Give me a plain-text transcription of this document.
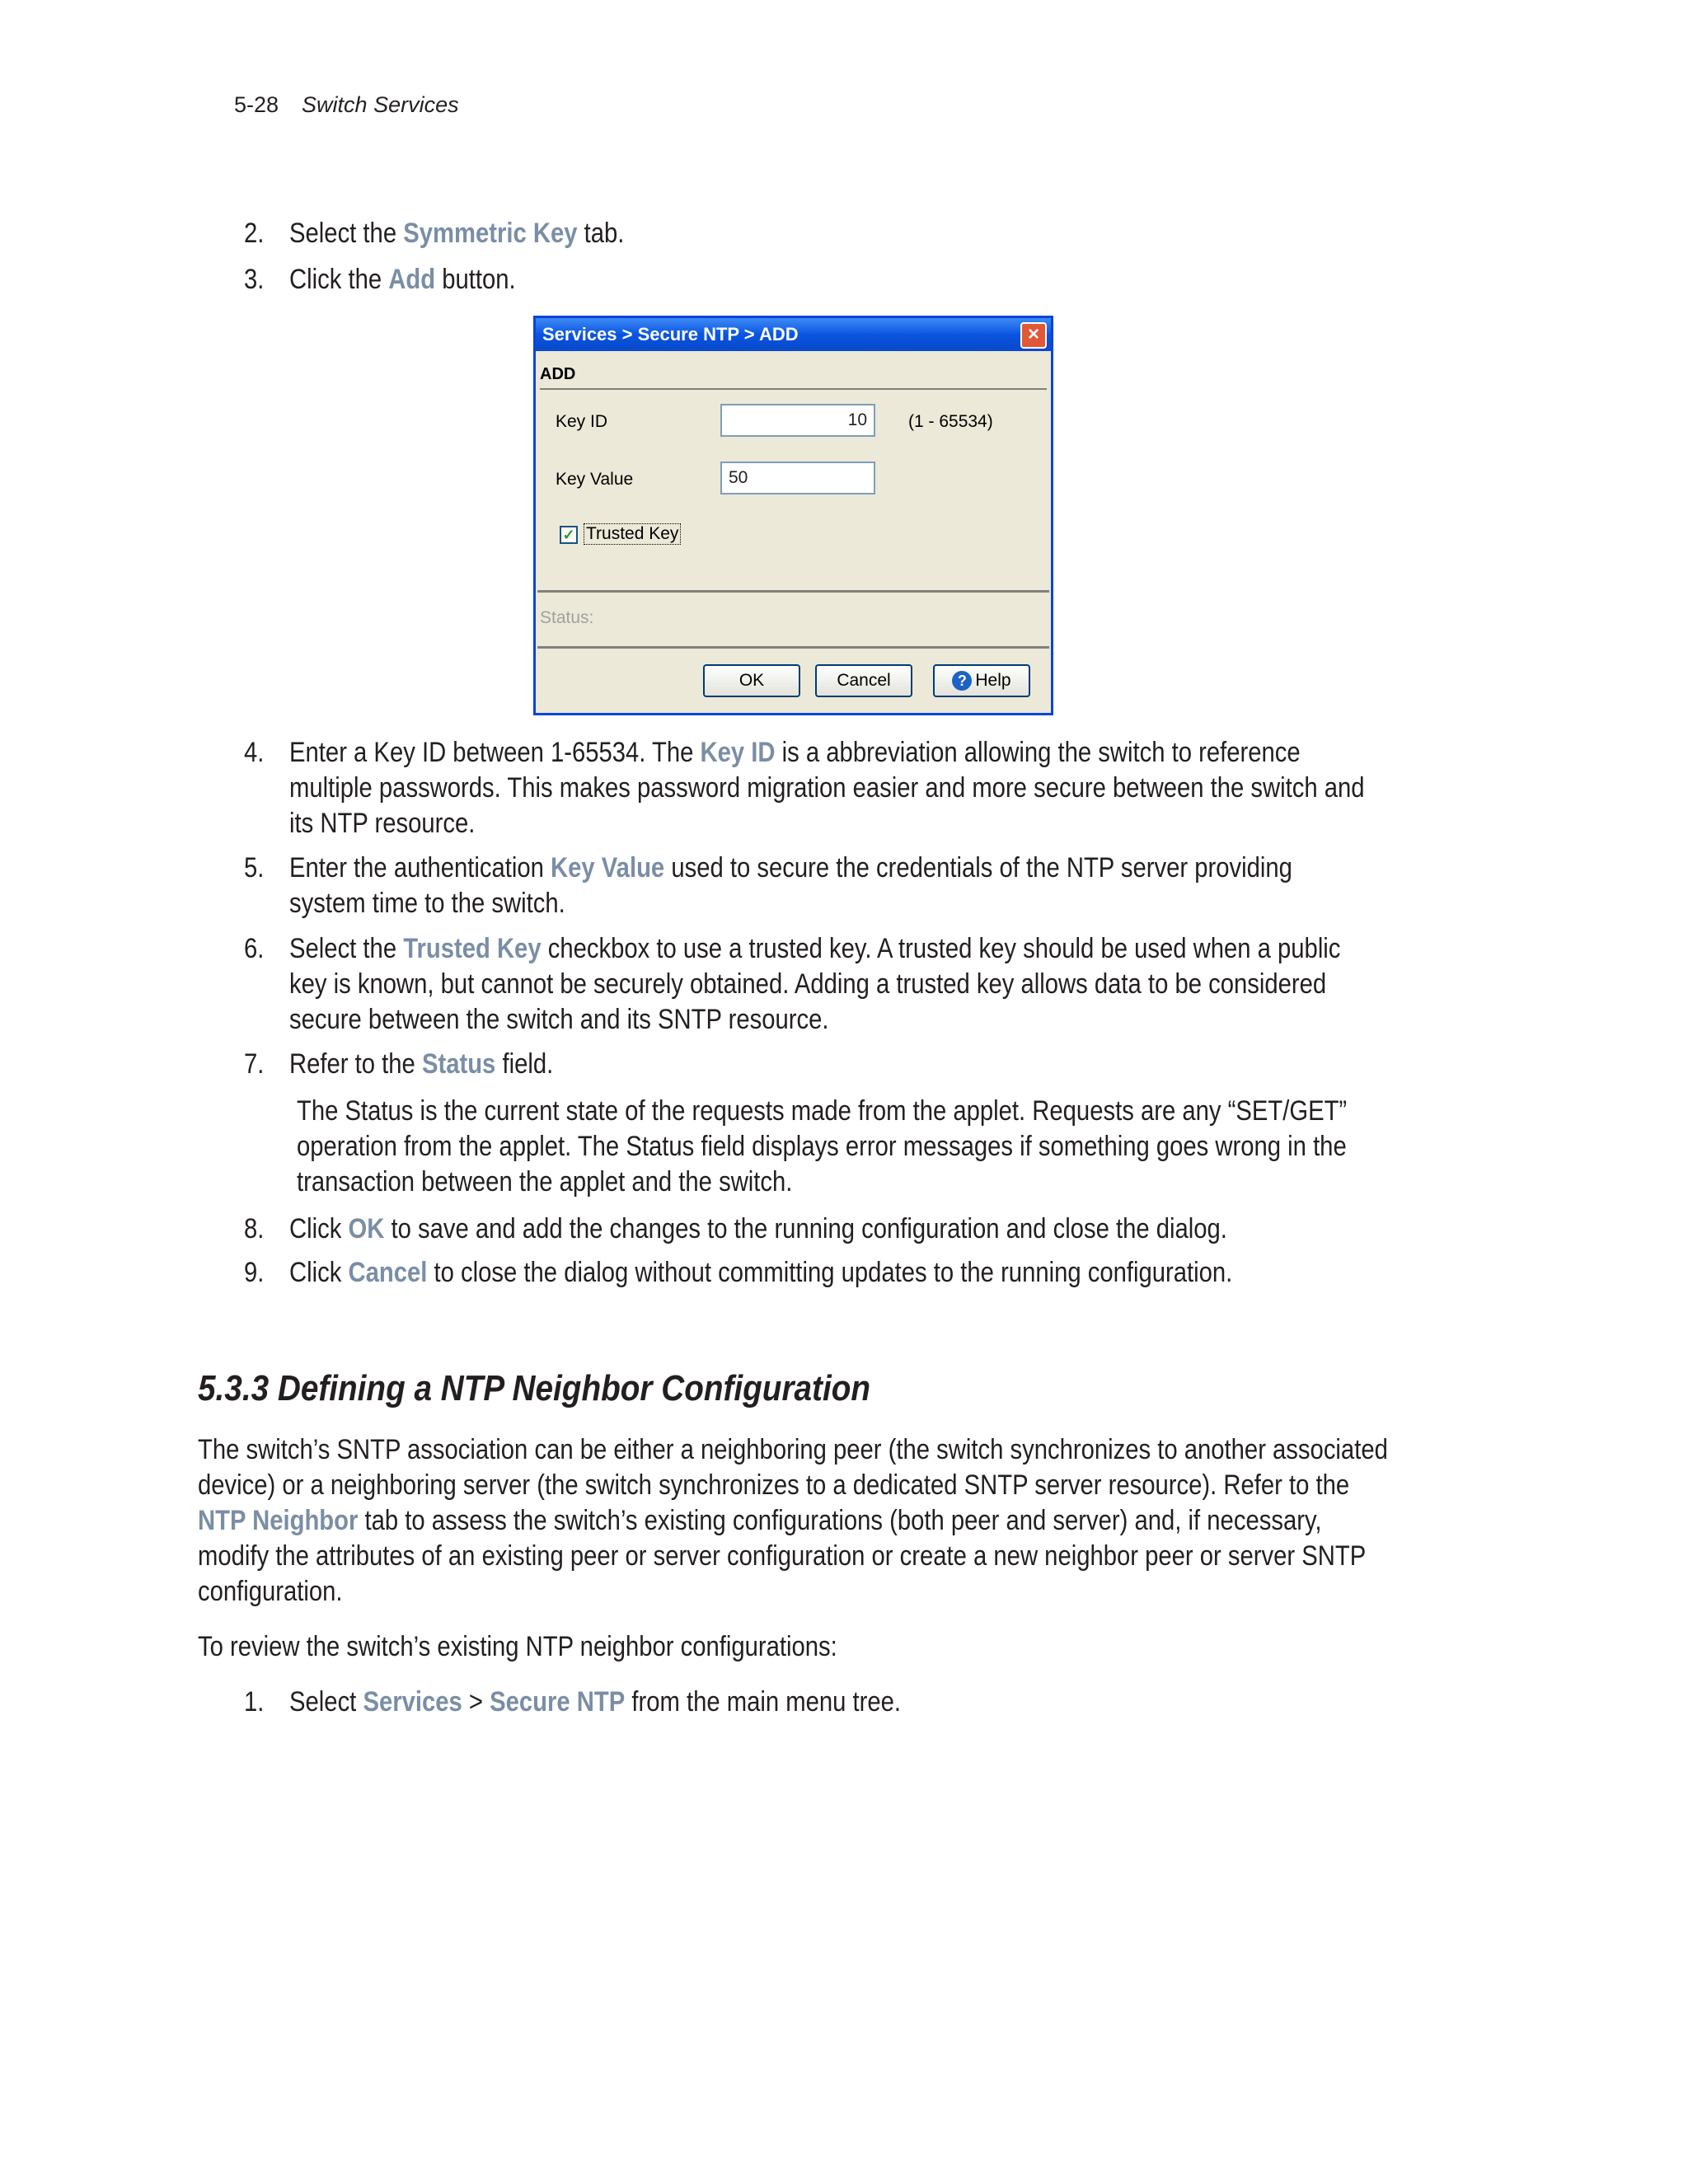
5-28 Switch Services
2. Select the Symmetric Key tab.
3. Click the Add button.
Services > Secure NTP > ADD	×
ADD
Key ID	10	(1 - 65534)
Key Value	50
✓ Trusted Key
Status:
OK	Cancel	? Help
4. Enter a Key ID between 1-65534. The Key ID is a abbreviation allowing the switch to reference
multiple passwords. This makes password migration easier and more secure between the switch and
its NTP resource.
5. Enter the authentication Key Value used to secure the credentials of the NTP server providing
system time to the switch.
6. Select the Trusted Key checkbox to use a trusted key. A trusted key should be used when a public
key is known, but cannot be securely obtained. Adding a trusted key allows data to be considered
secure between the switch and its SNTP resource.
7. Refer to the Status field.
The Status is the current state of the requests made from the applet. Requests are any “SET/GET”
operation from the applet. The Status field displays error messages if something goes wrong in the
transaction between the applet and the switch.
8. Click OK to save and add the changes to the running configuration and close the dialog.
9. Click Cancel to close the dialog without committing updates to the running configuration.
5.3.3 Defining a NTP Neighbor Configuration
The switch’s SNTP association can be either a neighboring peer (the switch synchronizes to another associated
device) or a neighboring server (the switch synchronizes to a dedicated SNTP server resource). Refer to the
NTP Neighbor tab to assess the switch’s existing configurations (both peer and server) and, if necessary,
modify the attributes of an existing peer or server configuration or create a new neighbor peer or server SNTP
configuration.
To review the switch’s existing NTP neighbor configurations:
1. Select Services > Secure NTP from the main menu tree.
